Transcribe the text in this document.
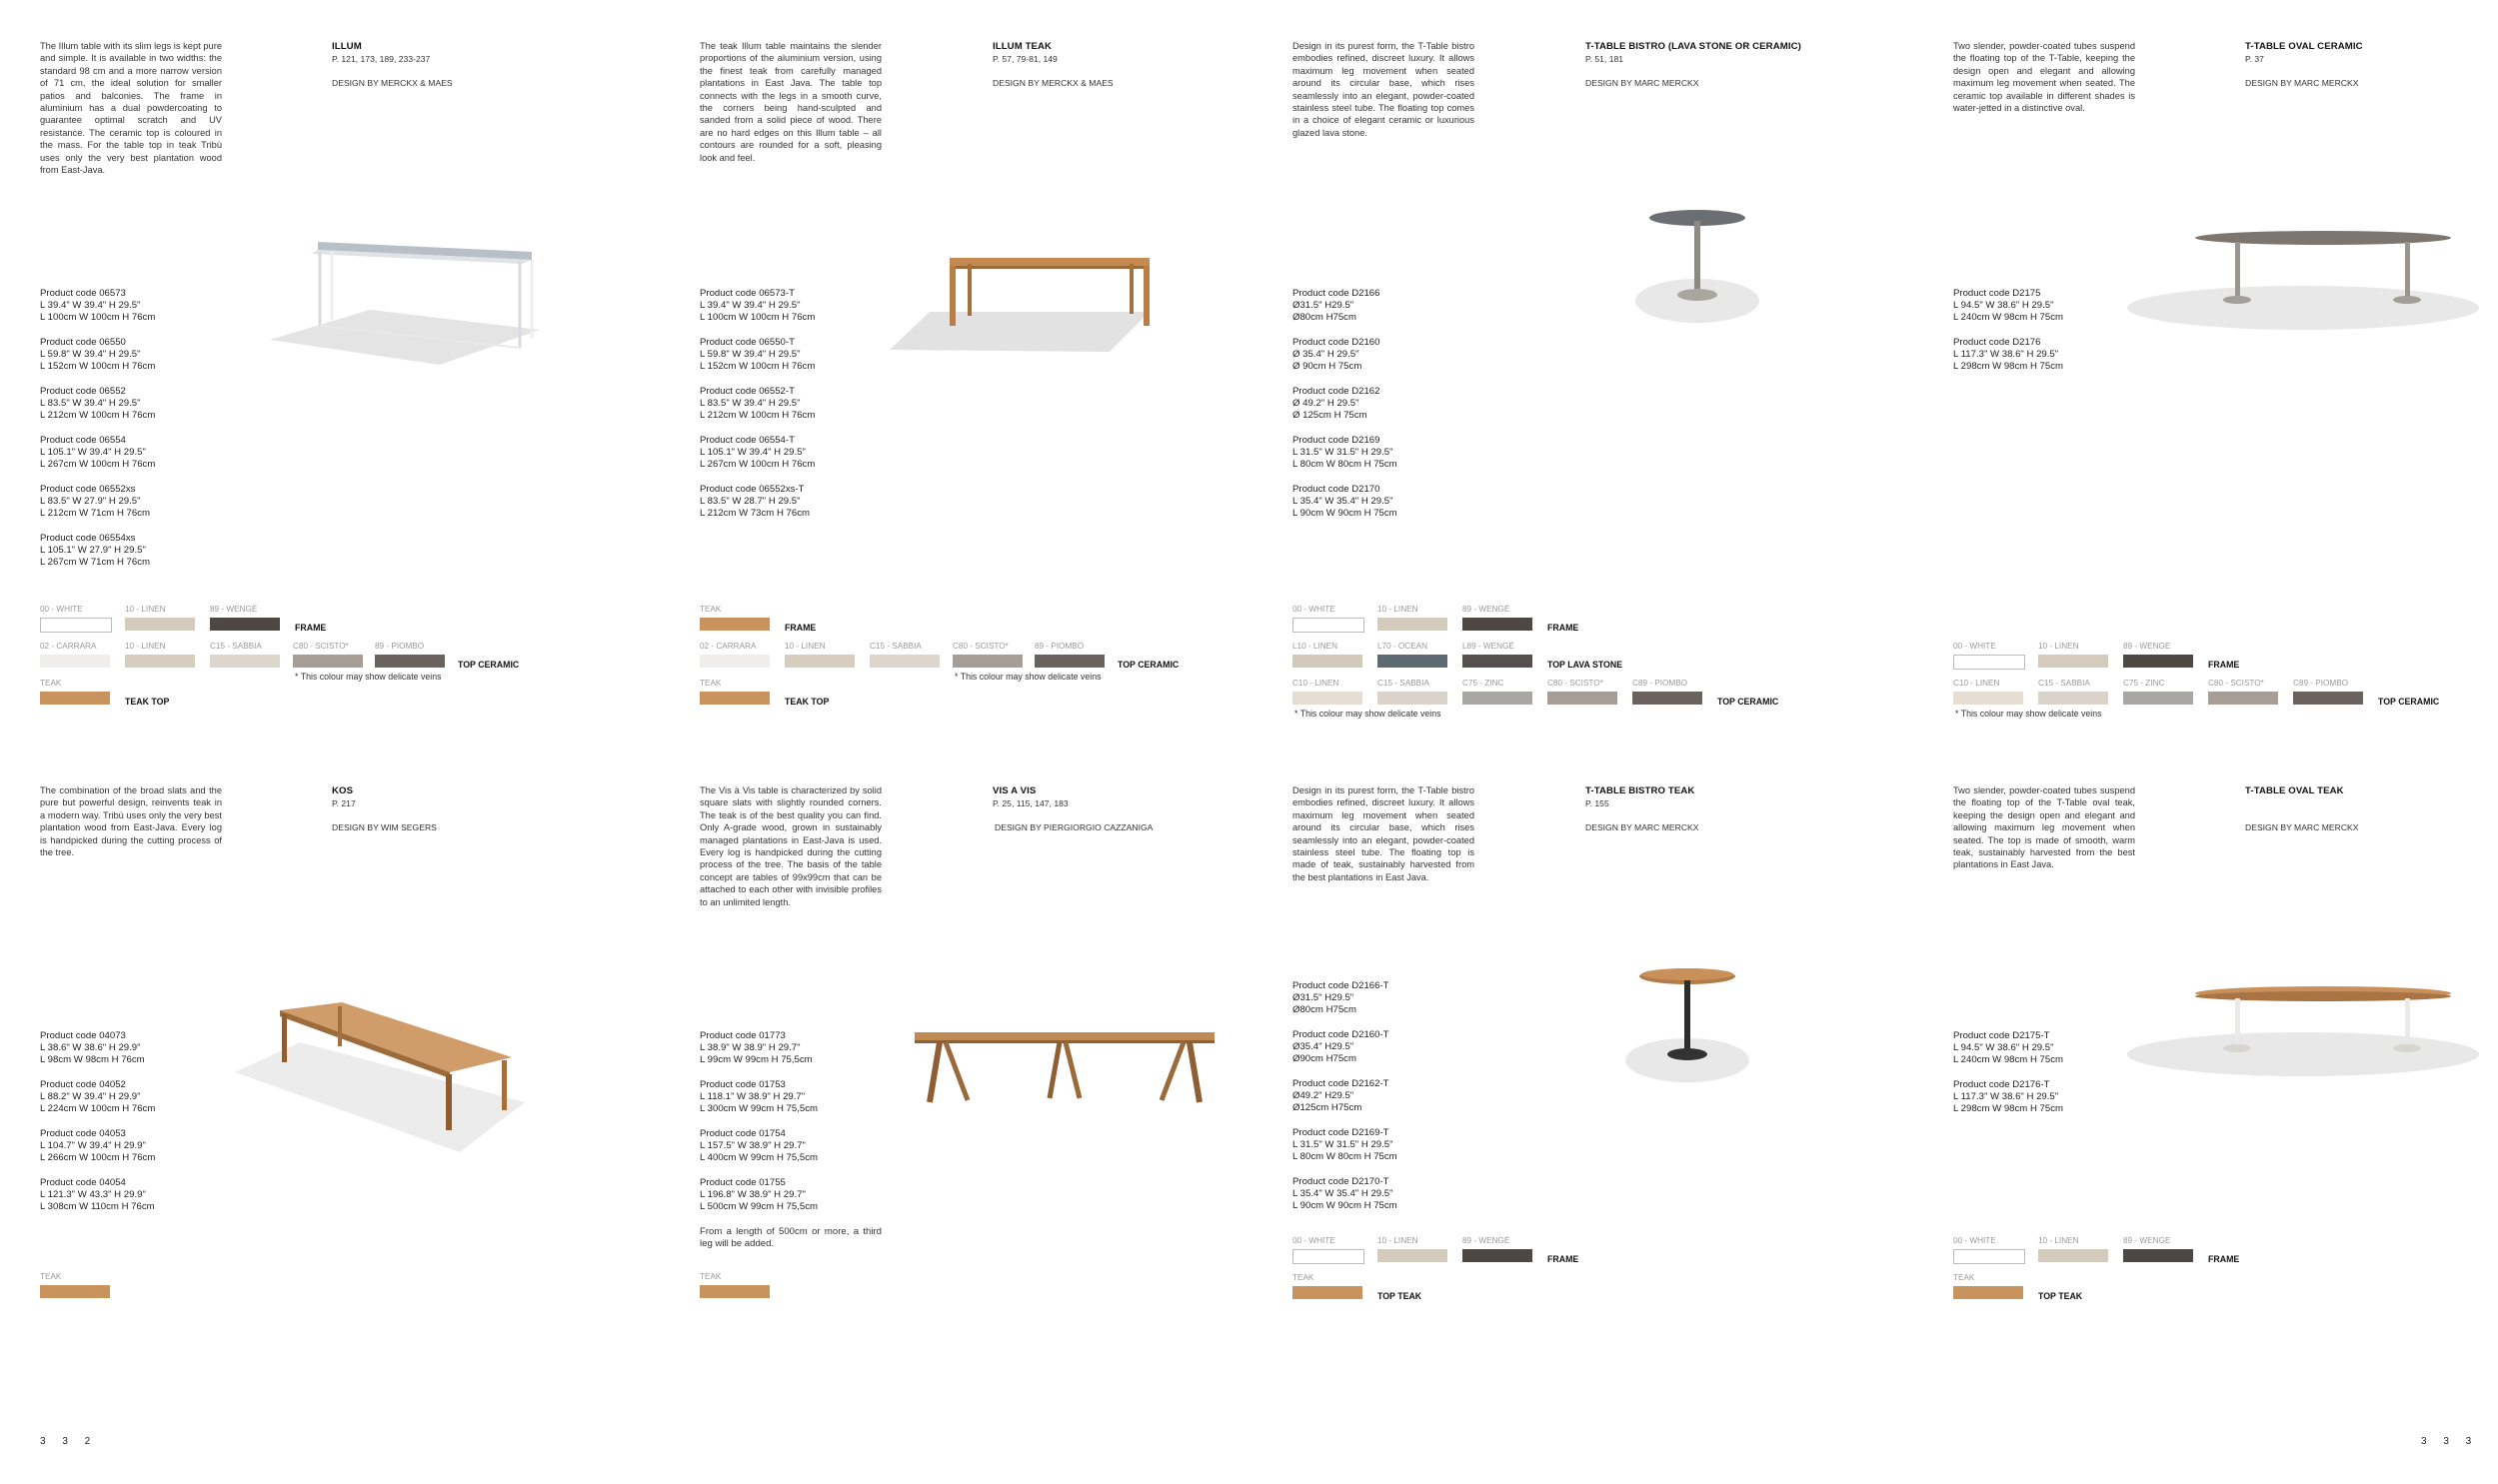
The Illum table with its slim legs is kept pure and simple. It is available in two widths: the standard 98 cm and a more narrow version of 71 cm, the ideal solution for smaller patios and balconies. The frame in aluminium has a dual powdercoating to guarantee optimal scratch and UV resistance. The ceramic top is coloured in the mass. For the table top in teak Tribù uses only the very best plantation wood from East-Java.
ILLUM
P. 121, 173, 189, 233-237
DESIGN BY MERCKX & MAES
Product code 06573
L 39.4" W 39.4" H 29.5"
L 100cm W 100cm H 76cm
Product code 06550
L 59.8" W 39.4" H 29.5"
L 152cm W 100cm H 76cm
Product code 06552
L 83.5" W 39.4" H 29.5"
L 212cm W 100cm H 76cm
Product code 06554
L 105.1" W 39.4" H 29.5"
L 267cm W 100cm H 76cm
Product code 06552xs
L 83.5" W 27.9" H 29.5"
L 212cm W 71cm H 76cm
Product code 06554xs
L 105.1" W 27.9" H 29.5"
L 267cm W 71cm H 76cm
00 - WHITE	10 - LINEN	89 - WENGÉ
FRAME
02 - CARRARA	10 - LINEN	C15 - SABBIA	C80 - SCISTO*	89 - PIOMBO
TOP CERAMIC
* This colour may show delicate veins
TEAK
TEAK TOP
The teak Illum table maintains the slender proportions of the aluminium version, using the finest teak from carefully managed plantations in East Java. The table top connects with the legs in a smooth curve, the corners being hand-sculpted and sanded from a solid piece of wood. There are no hard edges on this Illum table – all contours are rounded for a soft, pleasing look and feel.
ILLUM TEAK
P. 57, 79-81, 149
DESIGN BY MERCKX & MAES
Product code 06573-T
L 39.4" W 39.4" H 29.5"
L 100cm W 100cm H 76cm
Product code 06550-T
L 59.8" W 39.4" H 29.5"
L 152cm W 100cm H 76cm
Product code 06552-T
L 83.5" W 39.4" H 29.5"
L 212cm W 100cm H 76cm
Product code 06554-T
L 105.1" W 39.4" H 29.5"
L 267cm W 100cm H 76cm
Product code 06552xs-T
L 83.5" W 28.7" H 29.5"
L 212cm W 73cm H 76cm
TEAK
FRAME
02 - CARRARA	10 - LINEN	C15 - SABBIA	C80 - SCISTO*	89 - PIOMBO
TOP CERAMIC
* This colour may show delicate veins
TEAK
TEAK TOP
Design in its purest form, the T-Table bistro embodies refined, discreet luxury. It allows maximum leg movement when seated around its circular base, which rises seamlessly into an elegant, powder-coated stainless steel tube. The floating top comes in a choice of elegant ceramic or luxurious glazed lava stone.
T-TABLE BISTRO (LAVA STONE OR CERAMIC)
P. 51, 181
DESIGN BY MARC MERCKX
Product code D2166
Ø31.5" H29.5"
Ø80cm H75cm
Product code D2160
Ø 35.4" H 29.5"
Ø 90cm H 75cm
Product code D2162
Ø 49.2" H 29.5"
Ø 125cm H 75cm
Product code D2169
L 31.5" W 31.5" H 29.5"
L 80cm W 80cm H 75cm
Product code D2170
L 35.4" W 35.4" H 29.5"
L 90cm W 90cm H 75cm
00 - WHITE	10 - LINEN	89 - WENGÉ
FRAME
L10 - LINEN	L70 - OCEAN	L89 - WENGÉ
TOP LAVA STONE
C10 - LINEN	C15 - SABBIA	C75 - ZINC	C80 - SCISTO*	C89 - PIOMBO
TOP CERAMIC
* This colour may show delicate veins
Two slender, powder-coated tubes suspend the floating top of the T-Table, keeping the design open and elegant and allowing maximum leg movement when seated. The ceramic top available in different shades is water-jetted in a distinctive oval.
T-TABLE OVAL CERAMIC
P. 37
DESIGN BY MARC MERCKX
Product code D2175
L 94.5" W 38.6" H 29.5"
L 240cm W 98cm H 75cm
Product code D2176
L 117.3" W 38.6" H 29.5"
L 298cm W 98cm H 75cm
00 - WHITE	10 - LINEN	89 - WENGE
FRAME
C10 - LINEN	C15 - SABBIA	C75 - ZINC	C80 - SCISTO*	C89 - PIOMBO
TOP CERAMIC
* This colour may show delicate veins
The combination of the broad slats and the pure but powerful design, reinvents teak in a modern way. Tribù uses only the very best plantation wood from East-Java. Every log is handpicked during the cutting process of the tree.
KOS
P. 217
DESIGN BY WIM SEGERS
Product code 04073
L 38.6" W 38.6" H 29.9"
L 98cm W 98cm H 76cm
Product code 04052
L 88.2" W 39.4" H 29.9"
L 224cm W 100cm H 76cm
Product code 04053
L 104.7" W 39.4" H 29.9"
L 266cm W 100cm H 76cm
Product code 04054
L 121.3" W 43.3" H 29.9"
L 308cm W 110cm H 76cm
TEAK
The Vis à Vis table is characterized by solid square slats with slightly rounded corners. The teak is of the best quality you can find. Only A-grade wood, grown in sustainably managed plantations in East-Java is used. Every log is handpicked during the cutting process of the tree. The basis of the table concept are tables of 99x99cm that can be attached to each other with invisible profiles to an unlimited length.
VIS A VIS
P. 25, 115, 147, 183
DESIGN BY PIERGIORGIO CAZZANIGA
Product code 01773
L 38.9" W 38.9" H 29.7"
L 99cm W 99cm H 75,5cm
Product code 01753
L 118.1" W 38.9" H 29.7"
L 300cm W 99cm H 75,5cm
Product code 01754
L 157.5" W 38.9" H 29.7"
L 400cm W 99cm H 75,5cm
Product code 01755
L 196.8" W 38.9" H 29.7"
L 500cm W 99cm H 75,5cm
From a length of 500cm or more, a third leg will be added.
TEAK
Design in its purest form, the T-Table bistro embodies refined, discreet luxury. It allows maximum leg movement when seated around its circular base, which rises seamlessly into an elegant, powder-coated stainless steel tube. The floating top is made of teak, sustainably harvested from the best plantations in East Java.
T-TABLE BISTRO TEAK
P. 155
DESIGN BY MARC MERCKX
Product code D2166-T
Ø31.5" H29.5"
Ø80cm H75cm
Product code D2160-T
Ø35.4" H29.5"
Ø90cm H75cm
Product code D2162-T
Ø49.2" H29.5"
Ø125cm H75cm
Product code D2169-T
L 31.5" W 31.5" H 29.5"
L 80cm W 80cm H 75cm
Product code D2170-T
L 35.4" W 35.4" H 29.5"
L 90cm W 90cm H 75cm
00 - WHITE	10 - LINEN	89 - WENGÉ
FRAME
TEAK
TOP TEAK
Two slender, powder-coated tubes suspend the floating top of the T-Table oval teak, keeping the design open and elegant and allowing maximum leg movement when seated. The top is made of smooth, warm teak, sustainably harvested from the best plantations in East Java.
T-TABLE OVAL TEAK
DESIGN BY MARC MERCKX
Product code D2175-T
L 94.5" W 38.6" H 29.5"
L 240cm W 98cm H 75cm
Product code D2176-T
L 117.3" W 38.6" H 29.5"
L 298cm W 98cm H 75cm
00 - WHITE	10 - LINEN	89 - WENGE
FRAME
TEAK
TOP TEAK
3 3 2	3 3 3
